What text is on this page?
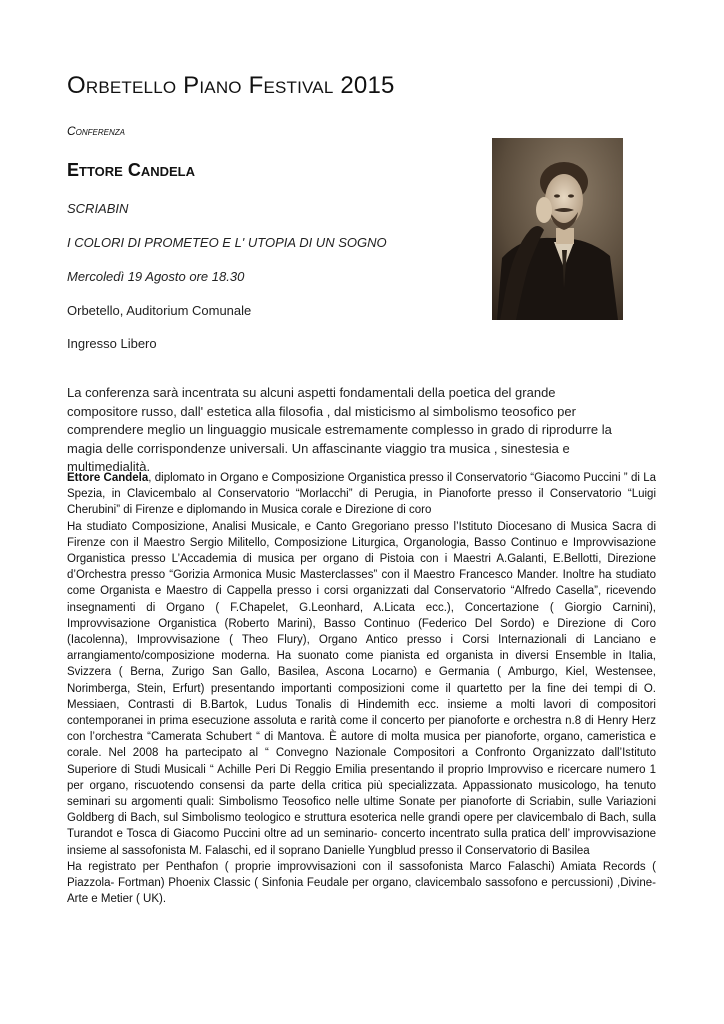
Orbetello Piano Festival 2015
Conferenza
Ettore Candela
SCRIABIN
I COLORI DI PROMETEO E L' UTOPIA DI UN SOGNO
Mercoledì 19 Agosto ore 18.30
Orbetello, Auditorium Comunale
Ingresso Libero
La conferenza sarà incentrata su alcuni aspetti fondamentali della poetica del grande compositore russo, dall' estetica alla filosofia , dal misticismo al simbolismo teosofico per comprendere meglio un linguaggio musicale estremamente complesso in grado di riprodurre la magia delle corrispondenze universali. Un affascinante viaggio tra musica , sinestesia e multimedialità.

Ettore Candela, diplomato in Organo e Composizione Organistica presso il Conservatorio “Giacomo Puccini ” di La Spezia, in Clavicembalo al Conservatorio “Morlacchi” di Perugia, in Pianoforte presso il Conservatorio “Luigi Cherubini” di Firenze e diplomando in Musica corale e Direzione di coro

Ha studiato Composizione, Analisi Musicale, e Canto Gregoriano presso l’Istituto Diocesano di Musica Sacra di Firenze con il Maestro Sergio Militello, Composizione Liturgica, Organologia, Basso Continuo e Improvvisazione Organistica presso L’Accademia di musica per organo di Pistoia con i Maestri A.Galanti, E.Bellotti, Direzione d’Orchestra presso “Gorizia Armonica Music Masterclasses” con il Maestro Francesco Mander. Inoltre ha studiato come Organista e Maestro di Cappella presso i corsi organizzati dal Conservatorio “Alfredo Casella”, ricevendo insegnamenti di Organo ( F.Chapelet, G.Leonhard, A.Licata ecc.), Concertazione ( Giorgio Carnini), Improvvisazione Organistica (Roberto Marini), Basso Continuo (Federico Del Sordo) e Direzione di Coro (Iacolenna), Improvvisazione ( Theo Flury), Organo Antico presso i Corsi Internazionali di Lanciano e arrangiamento/composizione moderna. Ha suonato come pianista ed organista in diversi Ensemble in Italia, Svizzera ( Berna, Zurigo San Gallo, Basilea, Ascona Locarno) e Germania ( Amburgo, Kiel, Westensee, Norimberga, Stein, Erfurt) presentando importanti composizioni come il quartetto per la fine dei tempi di O. Messiaen, Contrasti di B.Bartok, Ludus Tonalis di Hindemith ecc. insieme a molti lavori di compositori contemporanei in prima esecuzione assoluta e rarità come il concerto per pianoforte e orchestra n.8 di Henry Herz con l’orchestra “Camerata Schubert “ di Mantova. È autore di molta musica per pianoforte, organo, cameristica e corale. Nel 2008 ha partecipato al “ Convegno Nazionale Compositori a Confronto Organizzato dall’Istituto Superiore di Studi Musicali “ Achille Peri Di Reggio Emilia presentando il proprio Improvviso e ricercare numero 1 per organo, riscuotendo consensi da parte della critica più specializzata. Appassionato musicologo, ha tenuto seminari su argomenti quali: Simbolismo Teosofico nelle ultime Sonate per pianoforte di Scriabin, sulle Variazioni Goldberg di Bach, sul Simbolismo teologico e struttura esoterica nelle grandi opere per clavicembalo di Bach, sulla Turandot e Tosca di Giacomo Puccini oltre ad un seminario- concerto incentrato sulla pratica dell’ improvvisazione insieme al sassofonista M. Falaschi, ed il soprano Danielle Yungblud presso il Conservatorio di Basilea

Ha registrato per Penthafon ( proprie improvvisazioni con il sassofonista Marco Falaschi) Amiata Records ( Piazzola- Fortman) Phoenix Classic ( Sinfonia Feudale per organo, clavicembalo sassofono e percussioni) ,Divine-Arte e Metier ( UK).
